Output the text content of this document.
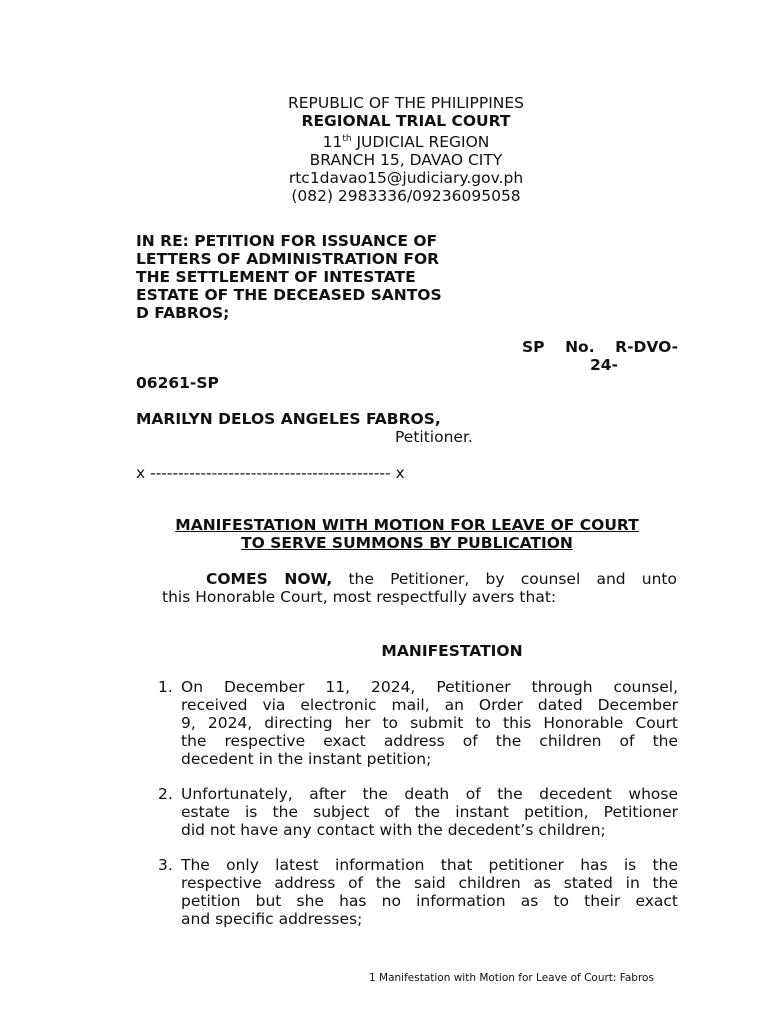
REPUBLIC OF THE PHILIPPINES
REGIONAL TRIAL COURT
11th JUDICIAL REGION
BRANCH 15, DAVAO CITY
rtc1davao15@judiciary.gov.ph
(082) 2983336/09236095058
IN RE: PETITION FOR ISSUANCE OF
LETTERS OF ADMINISTRATION FOR
THE SETTLEMENT OF INTESTATE
ESTATE OF THE DECEASED SANTOS
D FABROS;
SP No. R-DVO-
24-
06261-SP
MARILYN DELOS ANGELES FABROS,
Petitioner.
x ------------------------------------------- x
MANIFESTATION WITH MOTION FOR LEAVE OF COURT
TO SERVE SUMMONS BY PUBLICATION
COMES NOW, the Petitioner, by counsel and unto
this Honorable Court, most respectfully avers that:
MANIFESTATION
1. On December 11, 2024, Petitioner through counsel,
received via electronic mail, an Order dated December
9, 2024, directing her to submit to this Honorable Court
the respective exact address of the children of the
decedent in the instant petition;
2. Unfortunately, after the death of the decedent whose
estate is the subject of the instant petition, Petitioner
did not have any contact with the decedent’s children;
3. The only latest information that petitioner has is the
respective address of the said children as stated in the
petition but she has no information as to their exact
and specific addresses;
1 Manifestation with Motion for Leave of Court: Fabros
